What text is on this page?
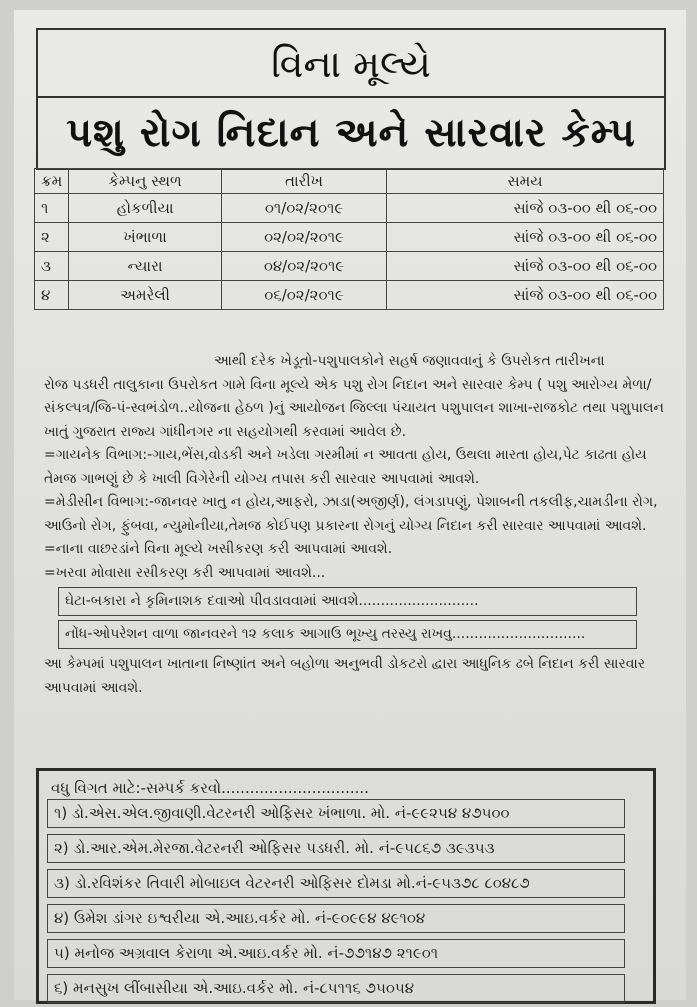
વિના મૂલ્યે
પશુ રોગ નિદાન અને સારવાર કેમ્પ
ક્રમ	કેમ્પનુ સ્થળ	તારીખ	સમય
૧	હોકળીયા	૦૧/૦૨/૨૦૧૯	સાંજે ૦૩-૦૦ થી ૦૬-૦૦
૨	ખંભાળા	૦૨/૦૨/૨૦૧૯	સાંજે ૦૩-૦૦ થી ૦૬-૦૦
૩	ન્યારા	૦૪/૦૨/૨૦૧૯	સાંજે ૦૩-૦૦ થી ૦૬-૦૦
૪	અમરેલી	૦૬/૦૨/૨૦૧૯	સાંજે ૦૩-૦૦ થી ૦૬-૦૦

આથી દરેક ખેડૂતો-પશુપાલકોને સહર્ષ જણાવવાનું કે ઉપરોકત તારીખના

રોજ પડધરી તાલુકાના ઉપરોકત ગામે વિના મૂલ્યે એક પશુ રોગ નિદાન અને સારવાર કેમ્પ ( પશુ આરોગ્ય મેળા/સંકલ્પત્ર/જિ-પં-સ્વભંડોળ..યોજના હેઠળ )નું આયોજન જિલ્લા પંચાયત પશુપાલન શાખા-રાજકોટ તથા પશુપાલન ખાતું ગુજરાત રાજ્ય ગાંધીનગર ના સહયોગથી કરવામાં આવેલ છે.

=ગાયનેક વિભાગ:-ગાય,ભેંસ,વોડકી અને ખડેલા ગરમીમાં ન આવતા હોય, ઉથલા મારતા હોય,પેટ કાઢતા હોય તેમજ ગાભણું છે કે ખાલી વિગેરેની યોગ્ય તપાસ કરી સારવાર આપવામાં આવશે.

=મેડીસીન વિભાગ:-જાનવર ખાતુ ન હોય,આફરો, ઝાડા(અજીર્ણ), લંગડાપણું, પેશાબની તકલીફ,ચામડીના રોગ, આઉનો રોગ, ફુંબવા, ન્યુમોનીયા,તેમજ કોઈપણ પ્રકારના રોગનું યોગ્ય નિદાન કરી સારવાર આપવામાં આવશે.

=નાના વાછરડાંને વિના મૂલ્યે ખસીકરણ કરી આપવામાં આવશે.

=ખરવા મોવાસા રસીકરણ કરી આપવામાં આવશે...

ઘેટા-બકારા ને કૃમિનાશક દવાઓ પીવડાવવામાં આવશે...........................
નોંધ-ઓપરેશન વાળા જાનવરને ૧૨ કલાક આગાઉ ભૂખ્યુ તરસ્યુ રાખવુ..............................

આ કેમ્પમાં પશુપાલન ખાતાના નિષ્ણાંત અને બહોળા અનુભવી ડોકટરો દ્વારા આધુનિક ઢબે નિદાન કરી સારવાર આપવામાં આવશે.

વધુ વિગત માટે:-સમ્પર્ક કરવો...............................
૧) ડો.એસ.એલ.જીવાણી.વેટરનરી ઓફિસર ખંભાળા. મો. નં-૯૯૨૫૪ ૪૭૫૦૦
૨) ડો.આર.એમ.મેરજા.વેટરનરી ઓફિસર પડધરી. મો. નં-૯૫૮૬૭ ૩૯૩૫૩
૩) ડો.રવિશંકર તિવારી મોબાઇલ વેટરનરી ઓફિસર દોમડા મો.નં-૯૫૩૭૮ ૮૦૪૮૭
૪) ઉમેશ ડાંગર ઇશ્વરીયા એ.આઇ.વર્કર મો. નં-૯૦૯૯૪ ૪૯૧૦૪
૫) મનોજ અગ્રવાલ કેરાળા એ.આઇ.વર્કર મો. નં-૭૭૧૪૭ ૨૧૯૦૧
૬) મનસુખ લીંબાસીયા એ.આઇ.વર્કર મો. નં-૮૫૧૧૬ ૭૫૦૫૪
